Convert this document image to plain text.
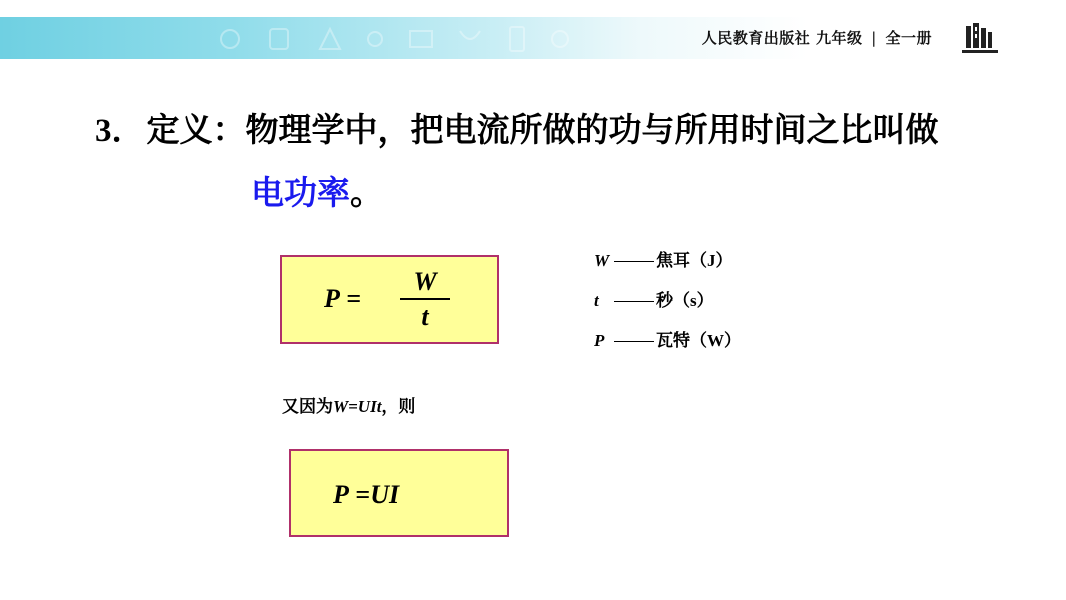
人民教育出版社 九年级 | 全一册
3．定义：物理学中，把电流所做的功与所用时间之比叫做
电功率。
P =
W
t
W	焦耳（J）
t	秒（s）
P	瓦特（W）
又因为W=UIt，则
P =UI
